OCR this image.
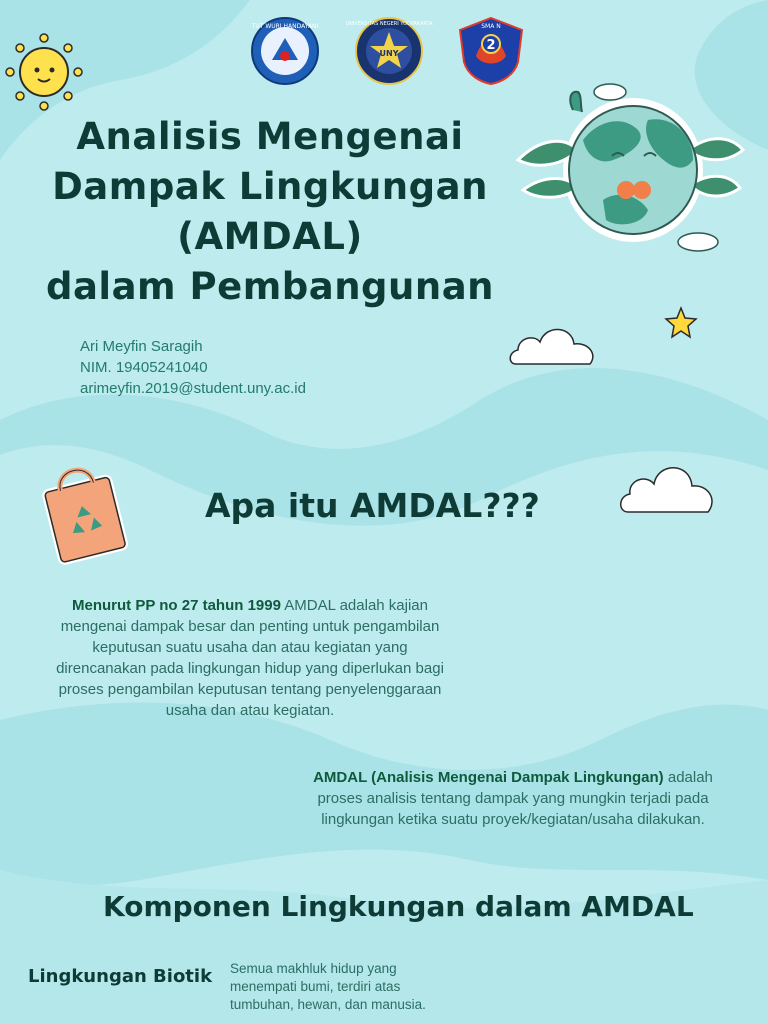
TUT WURI HANDAYANI
UNY
UNIVERSITAS NEGERI YOGYAKARTA
2
SMA N
Analisis Mengenai
Dampak Lingkungan
(AMDAL)
dalam Pembangunan
Ari Meyfin Saragih
NIM. 19405241040
arimeyfin.2019@student.uny.ac.id
Apa itu AMDAL???
Menurut PP no 27 tahun 1999 AMDAL adalah kajian
mengenai dampak besar dan penting untuk pengambilan
keputusan suatu usaha dan atau kegiatan yang
direncanakan pada lingkungan hidup yang diperlukan bagi
proses pengambilan keputusan tentang penyelenggaraan
usaha dan atau kegiatan.
AMDAL (Analisis Mengenai Dampak Lingkungan) adalah
proses analisis tentang dampak yang mungkin terjadi pada
lingkungan ketika suatu proyek/kegiatan/usaha dilakukan.
Komponen Lingkungan dalam AMDAL
Lingkungan Biotik Semua makhluk hidup yang
menempati bumi, terdiri atas
tumbuhan, hewan, dan manusia.
